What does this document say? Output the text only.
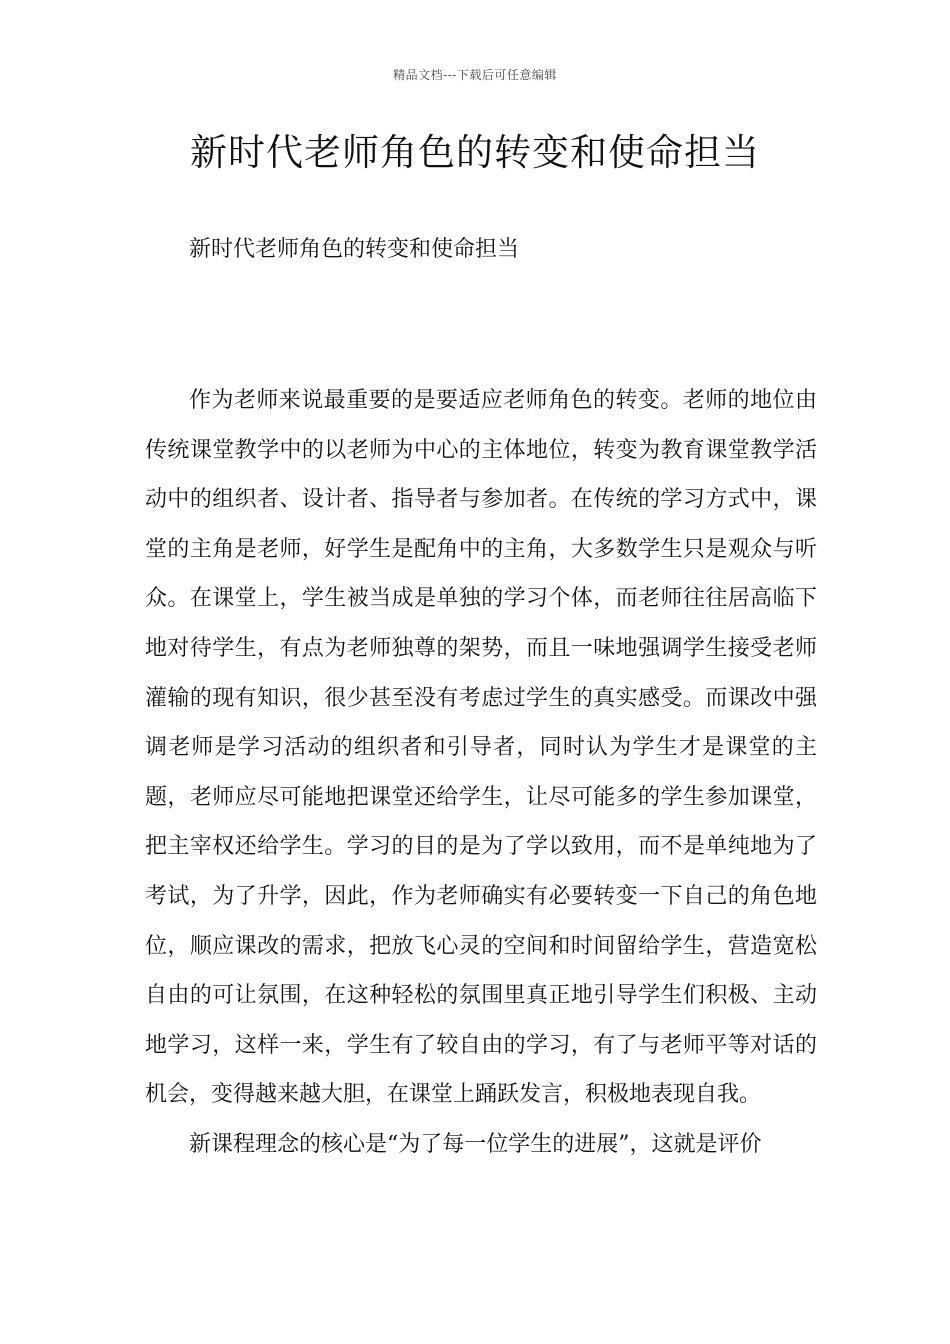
精品文档---下载后可任意编辑
新时代老师角色的转变和使命担当

新时代老师角色的转变和使命担当

作为老师来说最重要的是要适应老师角色的转变。老师的地位由传统课堂教学中的以老师为中心的主体地位，转变为教育课堂教学活动中的组织者、设计者、指导者与参加者。在传统的学习方式中，课堂的主角是老师，好学生是配角中的主角，大多数学生只是观众与听众。在课堂上，学生被当成是单独的学习个体，而老师往往居高临下地对待学生，有点为老师独尊的架势，而且一味地强调学生接受老师灌输的现有知识，很少甚至没有考虑过学生的真实感受。而课改中强调老师是学习活动的组织者和引导者，同时认为学生才是课堂的主题，老师应尽可能地把课堂还给学生，让尽可能多的学生参加课堂，把主宰权还给学生。学习的目的是为了学以致用，而不是单纯地为了考试，为了升学，因此，作为老师确实有必要转变一下自己的角色地位，顺应课改的需求，把放飞心灵的空间和时间留给学生，营造宽松自由的可让氛围，在这种轻松的氛围里真正地引导学生们积极、主动地学习，这样一来，学生有了较自由的学习，有了与老师平等对话的机会，变得越来越大胆，在课堂上踊跃发言，积极地表现自我。

新课程理念的核心是“为了每一位学生的进展”，这就是评价
